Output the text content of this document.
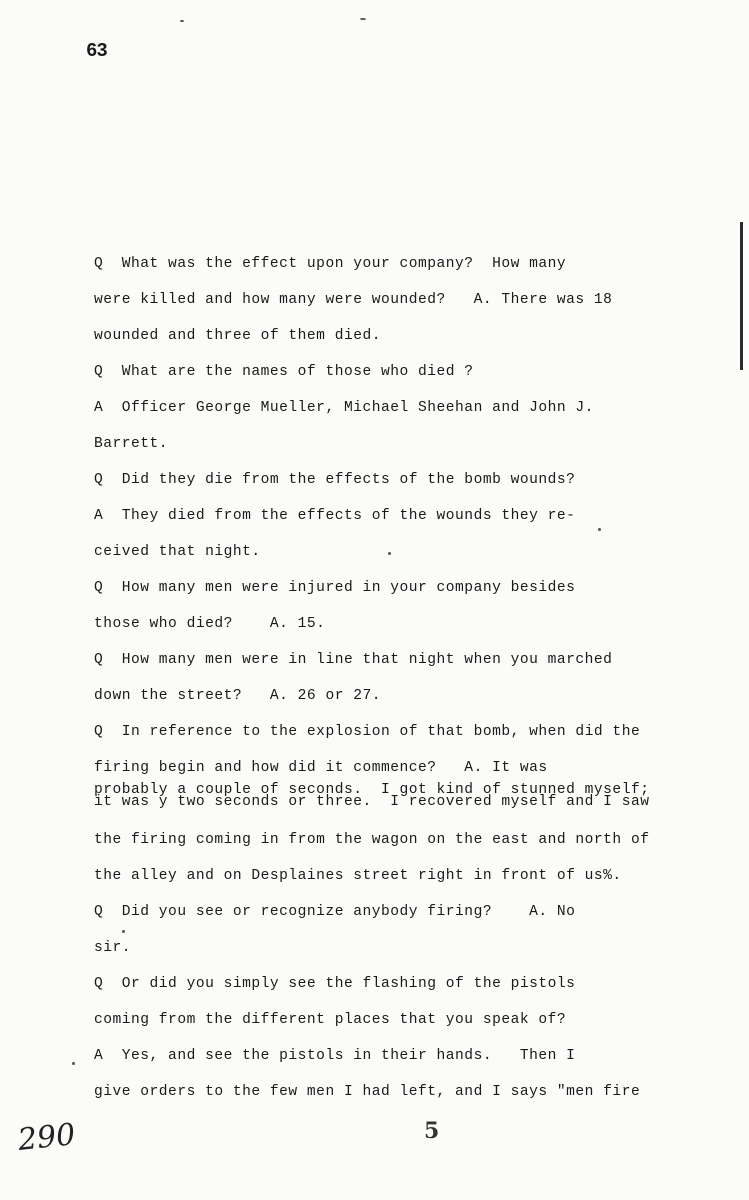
63
Q  What was the effect upon your company?  How many
were killed and how many were wounded?   A. There was 18
wounded and three of them died.
Q  What are the names of those who died ?
A  Officer George Mueller, Michael Sheehan and John J.
Barrett.
Q  Did they die from the effects of the bomb wounds?
A  They died from the effects of the wounds they re-
ceived that night.
Q  How many men were injured in your company besides
those who died?    A. 15.
Q  How many men were in line that night when you marched
down the street?   A. 26 or 27.
Q  In reference to the explosion of that bomb, when did the
firing begin and how did it commence?   A. It was

probably a couple of seconds.  I got kind of stunned myself;

it was y two seconds or three.  I recovered myself and I saw

the firing coming in from the wagon on the east and north of
the alley and on Desplaines street right in front of us%.
Q  Did you see or recognize anybody firing?    A. No
sir.
Q  Or did you simply see the flashing of the pistols
coming from the different places that you speak of?
A  Yes, and see the pistols in their hands.   Then I
give orders to the few men I had left, and I says "men fire
290	5
